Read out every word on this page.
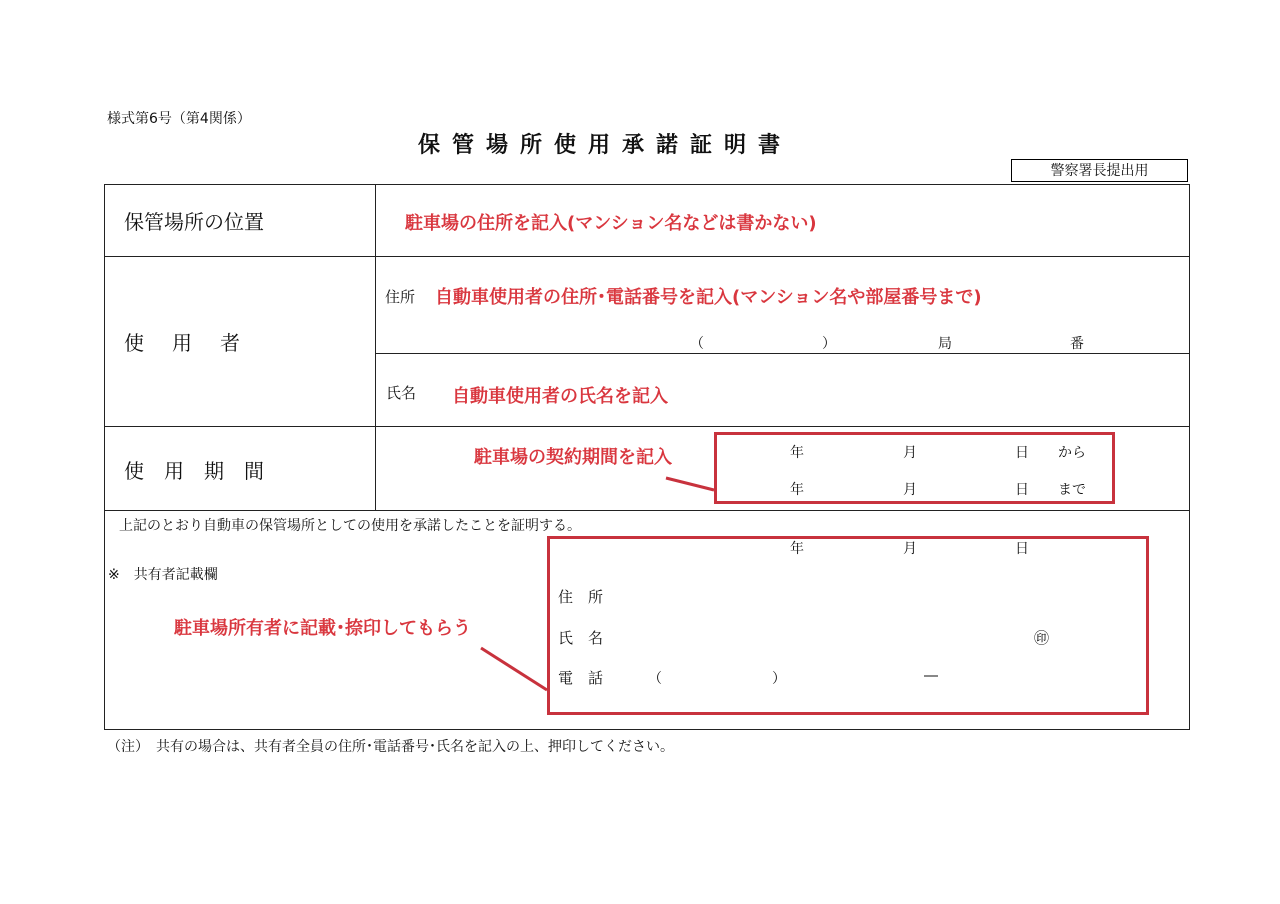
様式第6号（第4関係）
保管場所使用承諾証明書
警察署長提出用
保管場所の位置	駐車場の住所を記入(マンション名などは書かない)
使　用　者
住所 自動車使用者の住所･電話番号を記入(マンション名や部屋番号まで)
（	）	局	番
氏名 自動車使用者の氏名を記入
使　用　期　間
駐車場の契約期間を記入	年	月	日 から
年	月	日 まで
上記のとおり自動車の保管場所としての使用を承諾したことを証明する。
※　共有者記載欄
駐車場所有者に記載･捺印してもらう
年	月	日
住　所
氏　名	㊞
電　話	（	）	―
（注）　共有の場合は、共有者全員の住所･電話番号･氏名を記入の上、押印してください。
